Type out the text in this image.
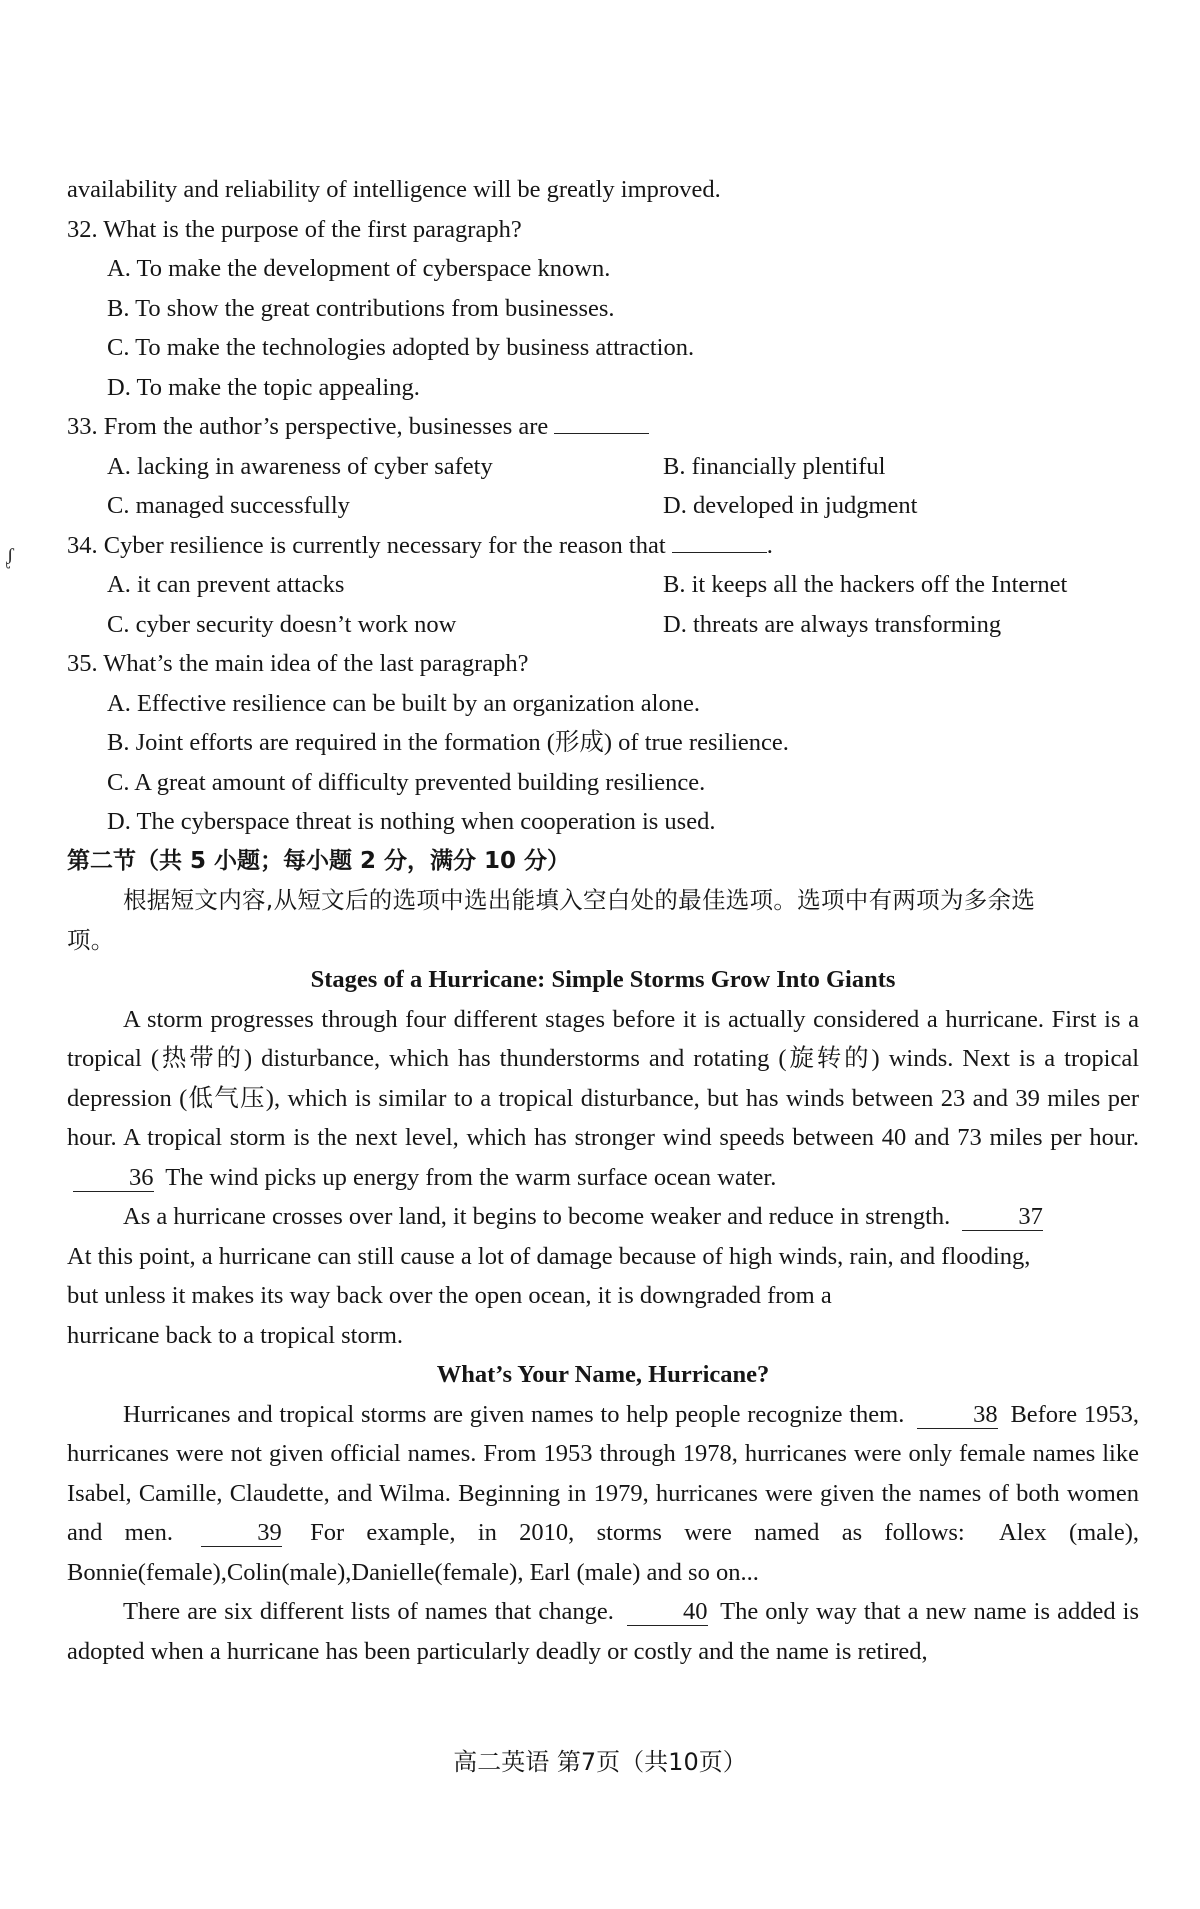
ᶘ
availability and reliability of intelligence will be greatly improved.
32. What is the purpose of the first paragraph?
A. To make the development of cyberspace known.
B. To show the great contributions from businesses.
C. To make the technologies adopted by business attraction.
D. To make the topic appealing.
33. From the author’s perspective, businesses are
A. lacking in awareness of cyber safety	B. financially plentiful
C. managed successfully	D. developed in judgment
34. Cyber resilience is currently necessary for the reason that	.
A. it can prevent attacks	B. it keeps all the hackers off the Internet
C. cyber security doesn’t work now	D. threats are always transforming
35. What’s the main idea of the last paragraph?
A. Effective resilience can be built by an organization alone.
B. Joint efforts are required in the formation (形成) of true resilience.
C. A great amount of difficulty prevented building resilience.
D. The cyberspace threat is nothing when cooperation is used.
第二节（共 5 小题；每小题 2 分，满分 10 分）
根据短文内容,从短文后的选项中选出能填入空白处的最佳选项。选项中有两项为多余选
项。
Stages of a Hurricane: Simple Storms Grow Into Giants
A storm progresses through four different stages before it is actually considered a hurricane. First is a tropical (热带的) disturbance, which has thunderstorms and rotating (旋转的) winds. Next is a tropical depression (低气压), which is similar to a tropical disturbance, but has winds between 23 and 39 miles per hour. A tropical storm is the next level, which has stronger wind speeds between 40 and 73 miles per hour. 36 The wind picks up energy from the warm surface ocean water.
As a hurricane crosses over land, it begins to become weaker and reduce in strength.	37
At this point, a hurricane can still cause a lot of damage because of high winds, rain, and flooding,
but unless it makes its way back over the open ocean, it is downgraded from a
hurricane back to a tropical storm.
What’s Your Name, Hurricane?
Hurricanes and tropical storms are given names to help people recognize them.	38 Before 1953, hurricanes were not given official names. From 1953 through 1978, hurricanes were only female names like Isabel, Camille, Claudette, and Wilma. Beginning in 1979, hurricanes were given the names of both women and men.	39 For example, in 2010, storms were named as follows: Alex (male), Bonnie(female),Colin(male),Danielle(female), Earl (male) and so on...
There are six different lists of names that change.	40 The only way that a new name is added is adopted when a hurricane has been particularly deadly or costly and the name is retired,
高二英语 第7页（共10页）
